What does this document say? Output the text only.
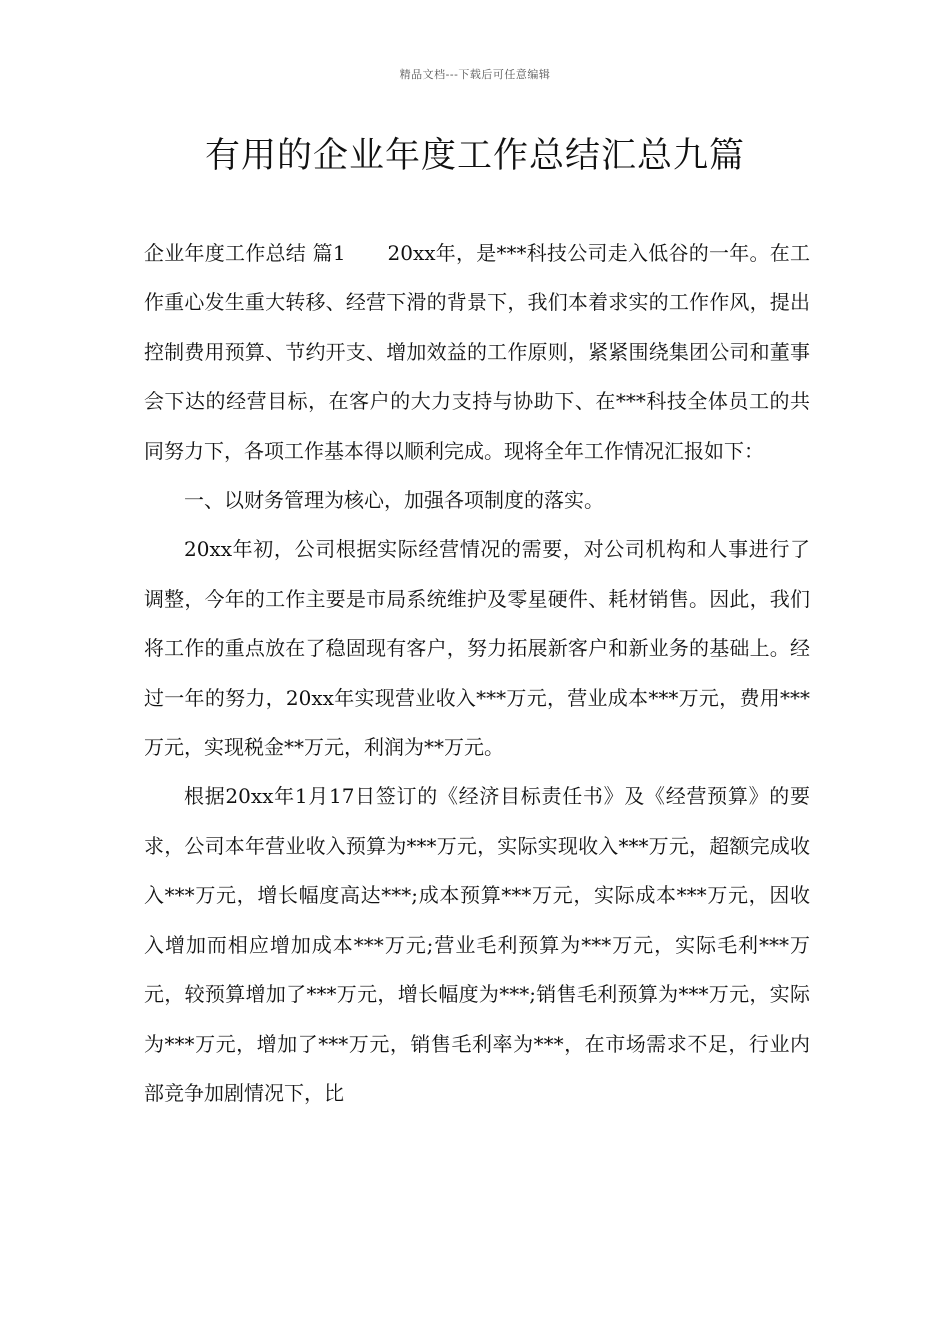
精品文档---下载后可任意编辑
有用的企业年度工作总结汇总九篇

企业年度工作总结 篇1 20xx年，是***科技公司走入低谷的一年。在工作重心发生重大转移、经营下滑的背景下，我们本着求实的工作作风，提出控制费用预算、节约开支、增加效益的工作原则，紧紧围绕集团公司和董事会下达的经营目标，在客户的大力支持与协助下、在***科技全体员工的共同努力下，各项工作基本得以顺利完成。现将全年工作情况汇报如下：

一、以财务管理为核心，加强各项制度的落实。

20xx年初，公司根据实际经营情况的需要，对公司机构和人事进行了调整，今年的工作主要是市局系统维护及零星硬件、耗材销售。因此，我们将工作的重点放在了稳固现有客户，努力拓展新客户和新业务的基础上。经过一年的努力，20xx年实现营业收入***万元，营业成本***万元，费用***万元，实现税金**万元，利润为**万元。

根据20xx年1月17日签订的《经济目标责任书》及《经营预算》的要求，公司本年营业收入预算为***万元，实际实现收入***万元，超额完成收入***万元，增长幅度高达***;成本预算***万元，实际成本***万元，因收入增加而相应增加成本***万元;营业毛利预算为***万元，实际毛利***万元，较预算增加了***万元，增长幅度为***;销售毛利预算为***万元，实际为***万元，增加了***万元，销售毛利率为***，在市场需求不足，行业内部竞争加剧情况下，比
